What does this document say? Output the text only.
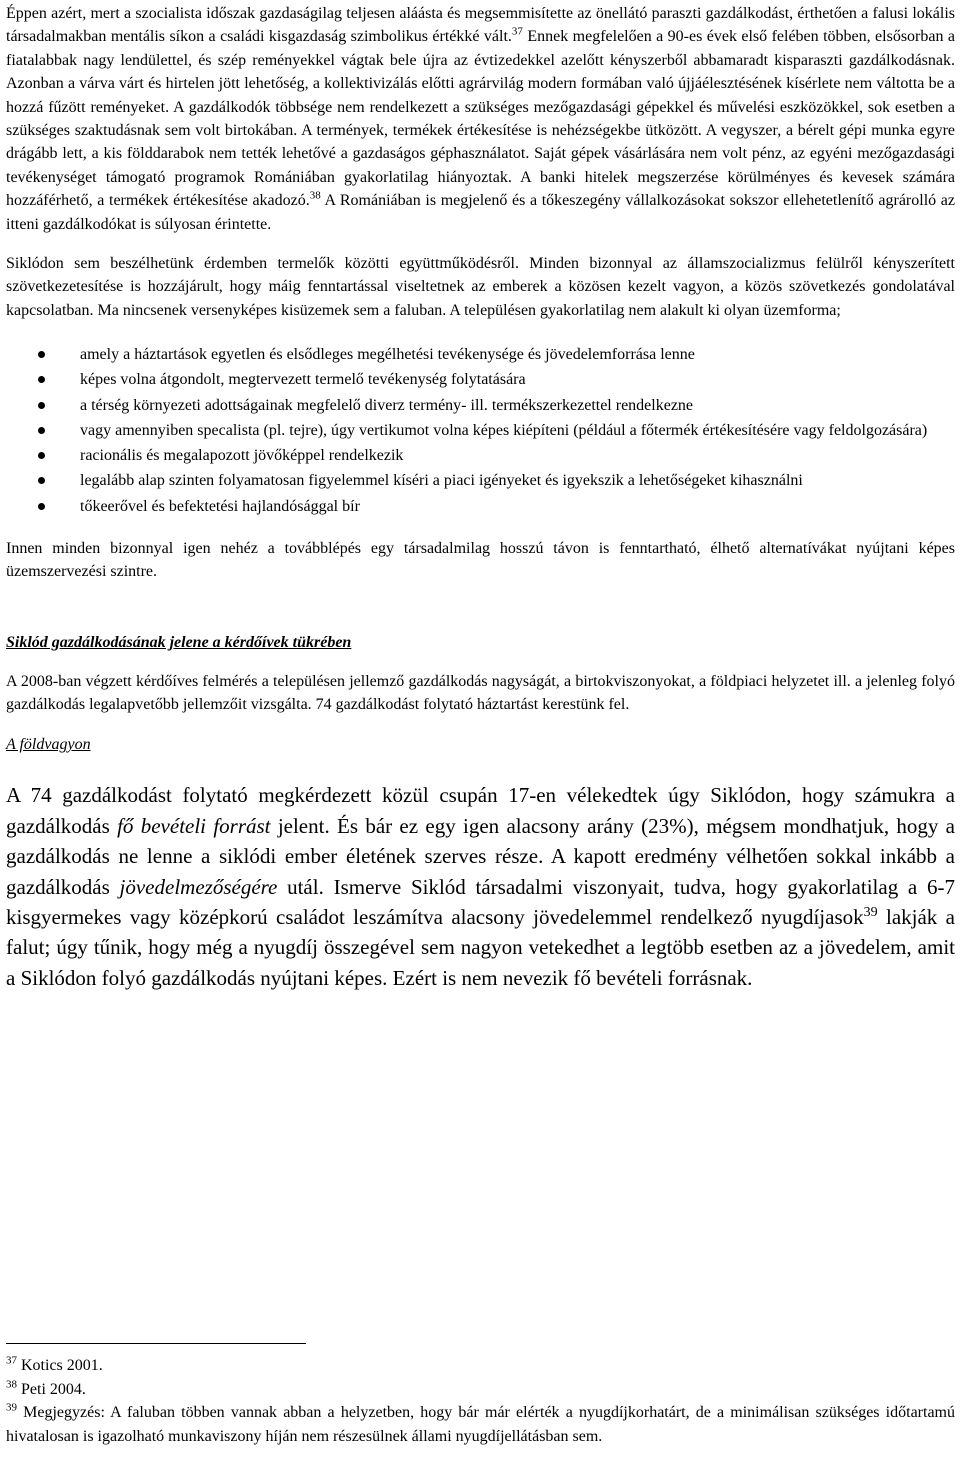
Éppen azért, mert a szocialista időszak gazdaságilag teljesen aláásta és megsemmisítette az önellátó paraszti gazdálkodást, érthetően a falusi lokális társadalmakban mentális síkon a családi kisgazdaság szimbolikus értékké vált.$^{37}$ Ennek megfelelően a 90-es évek első felében többen, elsősorban a fiatalabbak nagy lendülettel, és szép reményekkel vágtak bele újra az évtizedekkel azelőtt kényszerből abbamaradt kisparaszti gazdálkodásnak. Azonban a várva várt és hirtelen jött lehetőség, a kollektivizálás előtti agrárvilág modern formában való újjáélesztésének kísérlete nem váltotta be a hozzá fűzött reményeket. A gazdálkodók többsége nem rendelkezett a szükséges mezőgazdasági gépekkel és művelési eszközökkel, sok esetben a szükséges szaktudásnak sem volt birtokában. A termények, termékek értékesítése is nehézségekbe ütközött. A vegyszer, a bérelt gépi munka egyre drágább lett, a kis földdarabok nem tették lehetővé a gazdaságos géphasználatot. Saját gépek vásárlására nem volt pénz, az egyéni mezőgazdasági tevékenységet támogató programok Romániában gyakorlatilag hiányoztak. A banki hitelek megszerzése körülményes és kevesek számára hozzáférhető, a termékek értékesítése akadozó.$^{38}$ A Romániában is megjelenő és a tőkeszegény vállalkozásokat sokszor ellehetetlenítő agrárolló az itteni gazdálkodókat is súlyosan érintette.

Siklódon sem beszélhetünk érdemben termelők közötti együttműködésről. Minden bizonnyal az államszocializmus felülről kényszerített szövetkezetesítése is hozzájárult, hogy máig fenntartással viseltetnek az emberek a közösen kezelt vagyon, a közös szövetkezés gondolatával kapcsolatban. Ma nincsenek versenyképes kisüzemek sem a faluban. A településen gyakorlatilag nem alakult ki olyan üzemforma;

amely a háztartások egyetlen és elsődleges megélhetési tevékenysége és jövedelemforrása lenne
képes volna átgondolt, megtervezett termelő tevékenység folytatására
a térség környezeti adottságainak megfelelő diverz termény- ill. termékszerkezettel rendelkezne
vagy amennyiben specalista (pl. tejre), úgy vertikumot volna képes kiépíteni (például a főtermék értékesítésére vagy feldolgozására)
racionális és megalapozott jövőképpel rendelkezik
legalább alap szinten folyamatosan figyelemmel kíséri a piaci igényeket és igyekszik a lehetőségeket kihasználni
tőkeerővel és befektetési hajlandósággal bír

Innen minden bizonnyal igen nehéz a továbblépés egy társadalmilag hosszú távon is fenntartható, élhető alternatívákat nyújtani képes üzemszervezési szintre.

Siklód gazdálkodásának jelene a kérdőívek tükrében

A 2008-ban végzett kérdőíves felmérés a településen jellemző gazdálkodás nagyságát, a birtokviszonyokat, a földpiaci helyzetet ill. a jelenleg folyó gazdálkodás legalapvetőbb jellemzőit vizsgálta. 74 gazdálkodást folytató háztartást kerestünk fel.

A földvagyon

A 74 gazdálkodást folytató megkérdezett közül csupán 17-en vélekedtek úgy Siklódon, hogy számukra a gazdálkodás fő bevételi forrást jelent. És bár ez egy igen alacsony arány (23%), mégsem mondhatjuk, hogy a gazdálkodás ne lenne a siklódi ember életének szerves része. A kapott eredmény vélhetően sokkal inkább a gazdálkodás jövedelmezőségére utál. Ismerve Siklód társadalmi viszonyait, tudva, hogy gyakorlatilag a 6-7 kisgyermekes vagy középkorú családot leszámítva alacsony jövedelemmel rendelkező nyugdíjasok$^{39}$ lakják a falut; úgy tűnik, hogy még a nyugdíj összegével sem nagyon vetekedhet a legtöbb esetben az a jövedelem, amit a Siklódon folyó gazdálkodás nyújtani képes. Ezért is nem nevezik fő bevételi forrásnak.

$^{37}$ Kotics 2001.

$^{38}$ Peti 2004.

$^{39}$ Megjegyzés: A faluban többen vannak abban a helyzetben, hogy bár már elérték a nyugdíjkorhatárt, de a minimálisan szükséges időtartamú hivatalosan is igazolható munkaviszony híján nem részesülnek állami nyugdíjellátásban sem.
